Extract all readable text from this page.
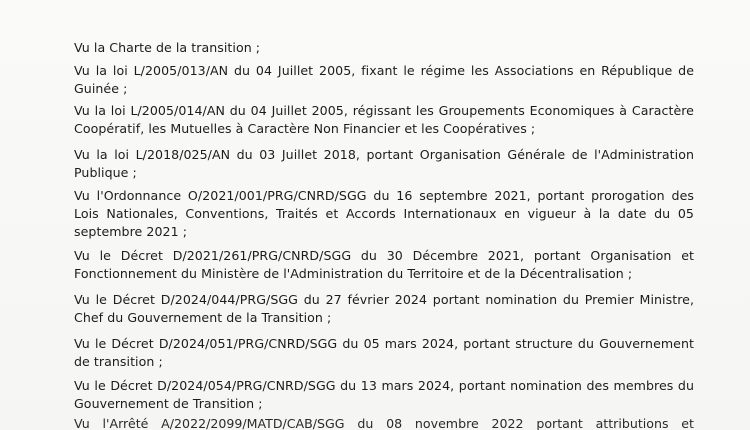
Vu la Charte de la transition ;

Vu la loi L/2005/013/AN du 04 Juillet 2005, fixant le régime les Associations en République de Guinée ;

Vu la loi L/2005/014/AN du 04 Juillet 2005, régissant les Groupements Economiques à Caractère Coopératif, les Mutuelles à Caractère Non Financier et les Coopératives ;

Vu la loi L/2018/025/AN du 03 Juillet 2018, portant Organisation Générale de l'Administration Publique ;

Vu l'Ordonnance O/2021/001/PRG/CNRD/SGG du 16 septembre 2021, portant prorogation des Lois Nationales, Conventions, Traités et Accords Internationaux en vigueur à la date du 05 septembre 2021 ;

Vu le Décret D/2021/261/PRG/CNRD/SGG du 30 Décembre 2021, portant Organisation et Fonctionnement du Ministère de l'Administration du Territoire et de la Décentralisation ;

Vu le Décret D/2024/044/PRG/SGG du 27 février 2024 portant nomination du Premier Ministre, Chef du Gouvernement de la Transition ;

Vu le Décret D/2024/051/PRG/CNRD/SGG du 05 mars 2024, portant structure du Gouvernement de transition ;

Vu le Décret D/2024/054/PRG/CNRD/SGG du 13 mars 2024, portant nomination des membres du Gouvernement de Transition ;

Vu l'Arrêté A/2022/2099/MATD/CAB/SGG du 08 novembre 2022 portant attributions et
